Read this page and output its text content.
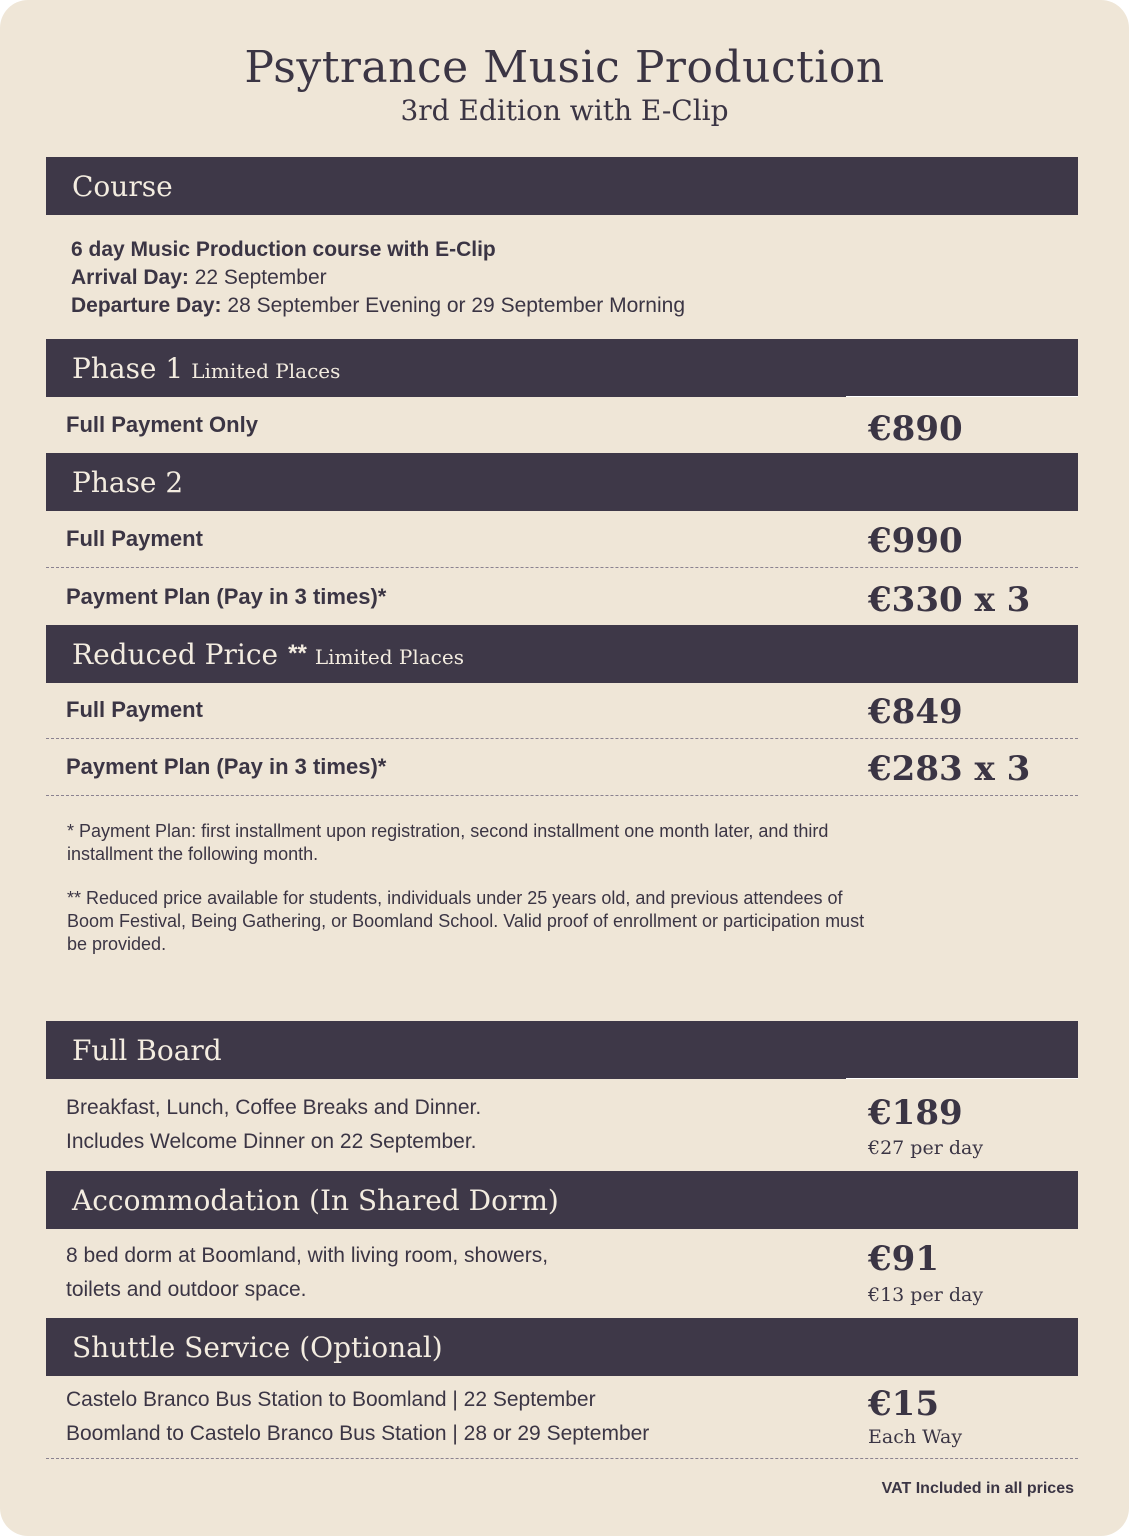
Psytrance Music Production
3rd Edition with E-Clip
Course
6 day Music Production course with E-Clip
Arrival Day: 22 September
Departure Day: 28 September Evening or 29 September Morning
Phase 1 Limited Places
Full Payment Only	€890
Phase 2
Full Payment	€990
Payment Plan (Pay in 3 times)*	€330 x 3
Reduced Price ** Limited Places
Full Payment	€849
Payment Plan (Pay in 3 times)*	€283 x 3
* Payment Plan: first installment upon registration, second installment one month later, and third installment the following month.
** Reduced price available for students, individuals under 25 years old, and previous attendees of Boom Festival, Being Gathering, or Boomland School. Valid proof of enrollment or participation must be provided.
Full Board
Breakfast, Lunch, Coffee Breaks and Dinner.
Includes Welcome Dinner on 22 September.
€189
€27 per day
Accommodation (In Shared Dorm)
8 bed dorm at Boomland, with living room, showers,
toilets and outdoor space.
€91
€13 per day
Shuttle Service (Optional)
Castelo Branco Bus Station to Boomland | 22 September
Boomland to Castelo Branco Bus Station | 28 or 29 September
€15
Each Way
VAT Included in all prices
